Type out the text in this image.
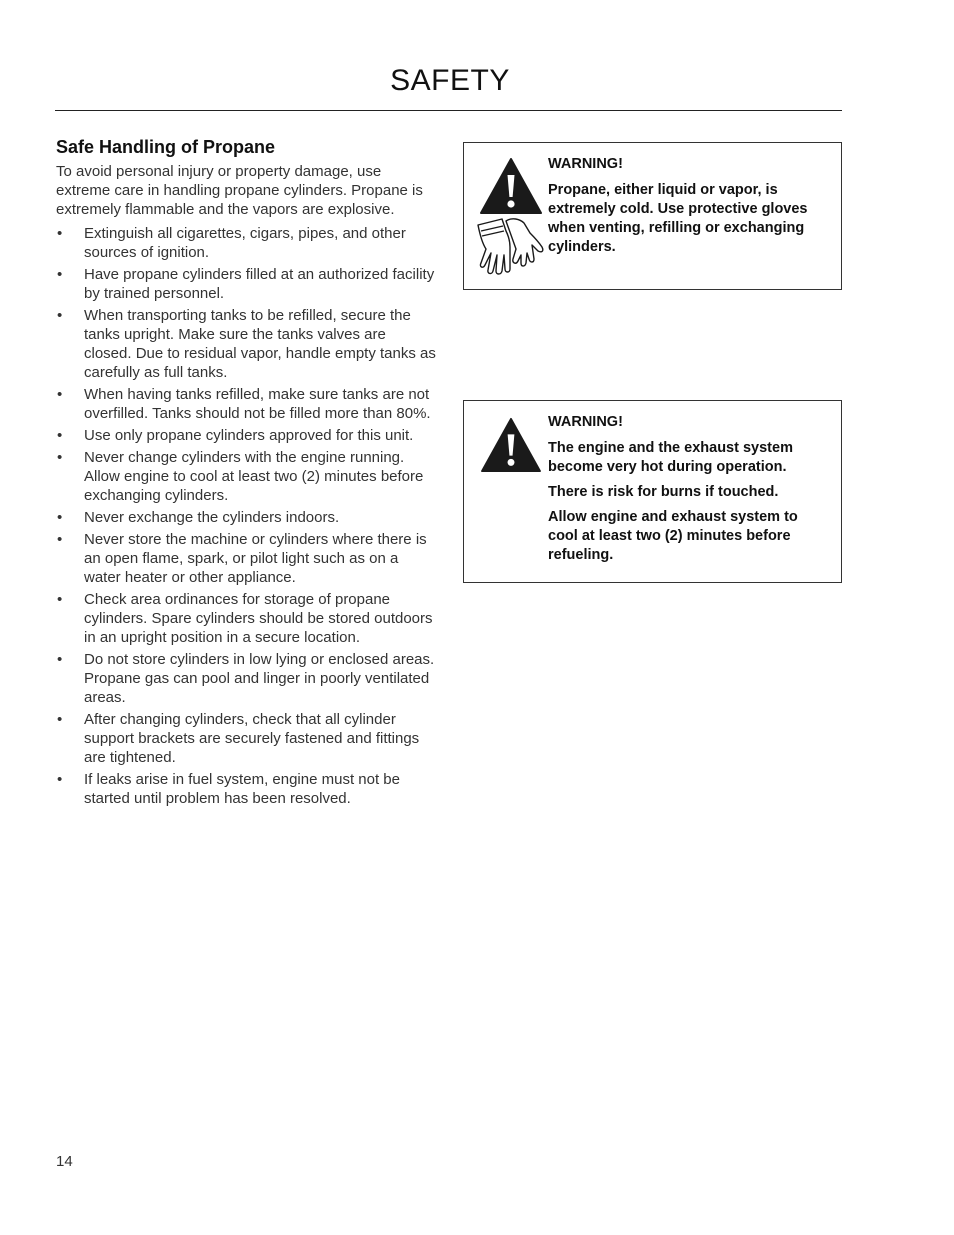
SAFETY
Safe Handling of Propane

To avoid personal injury or property damage, use extreme care in handling propane cylinders. Propane is extremely flammable and the vapors are explosive.

• Extinguish all cigarettes, cigars, pipes, and other sources of ignition.
• Have propane cylinders filled at an authorized facility by trained personnel.
• When transporting tanks to be refilled, secure the tanks upright. Make sure the tanks valves are closed. Due to residual vapor, handle empty tanks as carefully as full tanks.
• When having tanks refilled, make sure tanks are not overfilled. Tanks should not be filled more than 80%.
• Use only propane cylinders approved for this unit.
• Never change cylinders with the engine running. Allow engine to cool at least two (2) minutes before exchanging cylinders.
• Never exchange the cylinders indoors.
• Never store the machine or cylinders where there is an open flame, spark, or pilot light such as on a water heater or other appliance.
• Check area ordinances for storage of propane cylinders. Spare cylinders should be stored outdoors in an upright position in a secure location.
• Do not store cylinders in low lying or enclosed areas. Propane gas can pool and linger in poorly ventilated areas.
• After changing cylinders, check that all cylinder support brackets are securely fastened and fittings are tightened.
• If leaks arise in fuel system, engine must not be started until problem has been resolved.

WARNING!

Propane, either liquid or vapor, is extremely cold. Use protective gloves when venting, refilling or exchanging cylinders.

WARNING!

The engine and the exhaust system become very hot during operation.

There is risk for burns if touched.

Allow engine and exhaust system to cool at least two (2) minutes before refueling.

14
